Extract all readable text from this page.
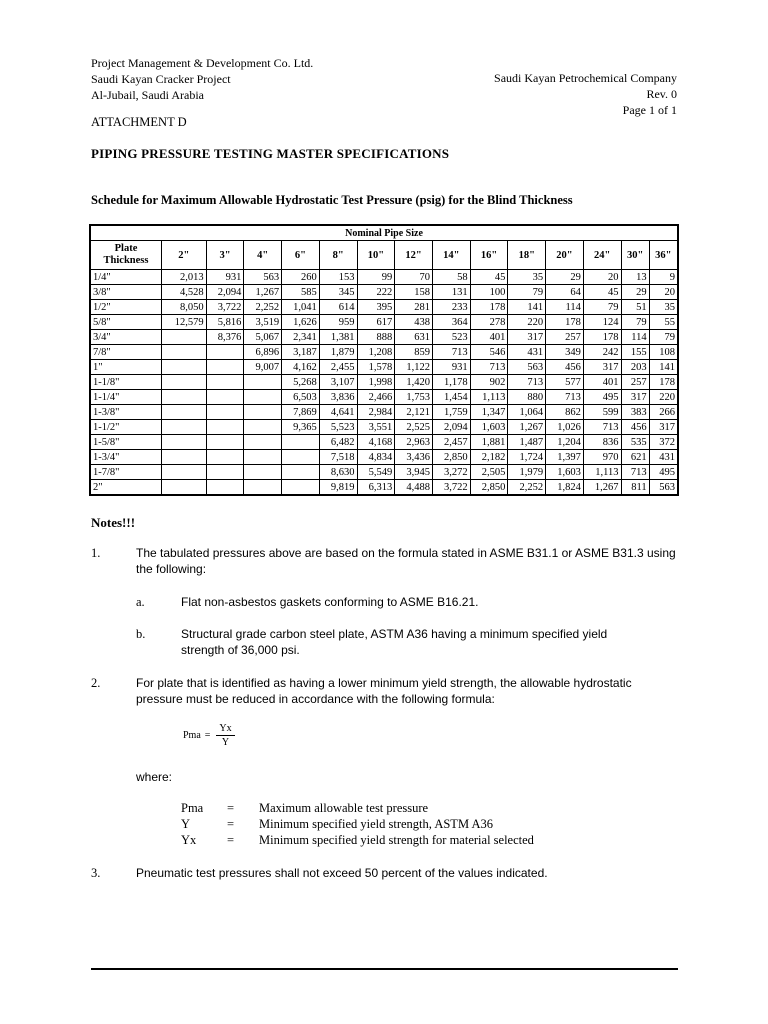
Project Management & Development Co. Ltd.
Saudi Kayan Cracker Project
Al-Jubail, Saudi Arabia
Saudi Kayan Petrochemical Company
Rev. 0
Page 1 of 1
ATTACHMENT D
PIPING PRESSURE TESTING MASTER SPECIFICATIONS
Schedule for Maximum Allowable Hydrostatic Test Pressure (psig) for the Blind Thickness
Nominal Pipe Size														
Plate Thickness	2"	3"	4"	6"	8"	10"	12"	14"	16"	18"	20"	24"	30"	36"
1/4"	2,013	931	563	260	153	99	70	58	45	35	29	20	13	9
3/8"	4,528	2,094	1,267	585	345	222	158	131	100	79	64	45	29	20
1/2"	8,050	3,722	2,252	1,041	614	395	281	233	178	141	114	79	51	35
5/8"	12,579	5,816	3,519	1,626	959	617	438	364	278	220	178	124	79	55
3/4"		8,376	5,067	2,341	1,381	888	631	523	401	317	257	178	114	79
7/8"			6,896	3,187	1,879	1,208	859	713	546	431	349	242	155	108
1"			9,007	4,162	2,455	1,578	1,122	931	713	563	456	317	203	141
1-1/8"				5,268	3,107	1,998	1,420	1,178	902	713	577	401	257	178
1-1/4"				6,503	3,836	2,466	1,753	1,454	1,113	880	713	495	317	220
1-3/8"				7,869	4,641	2,984	2,121	1,759	1,347	1,064	862	599	383	266
1-1/2"				9,365	5,523	3,551	2,525	2,094	1,603	1,267	1,026	713	456	317
1-5/8"					6,482	4,168	2,963	2,457	1,881	1,487	1,204	836	535	372
1-3/4"					7,518	4,834	3,436	2,850	2,182	1,724	1,397	970	621	431
1-7/8"					8,630	5,549	3,945	3,272	2,505	1,979	1,603	1,113	713	495
2"					9,819	6,313	4,488	3,722	2,850	2,252	1,824	1,267	811	563
Notes!!!
1.	The tabulated pressures above are based on the formula stated in ASME B31.1 or ASME B31.3 using the following:
a.	Flat non-asbestos gaskets conforming to ASME B16.21.
b.	Structural grade carbon steel plate, ASTM A36 having a minimum specified yield strength of 36,000 psi.
2.	For plate that is identified as having a lower minimum yield strength, the allowable hydrostatic pressure must be reduced in accordance with the following formula:
Pma = $\frac{Yx}{Y}$
where:
Pma	=	Maximum allowable test pressure
Y	=	Minimum specified yield strength, ASTM A36
Yx	=	Minimum specified yield strength for material selected
3.	Pneumatic test pressures shall not exceed 50 percent of the values indicated.
